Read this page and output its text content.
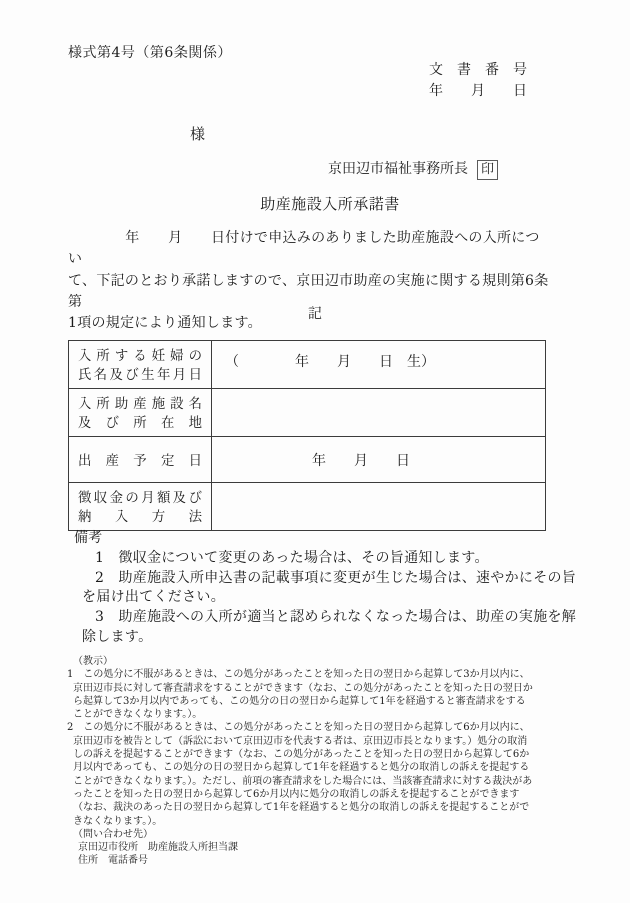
様式第4号（第6条関係）
文　書　番　号
年　　月　　日
様
京田辺市福祉事務所長 印
助産施設入所承諾書
　　　　年　　月　　日付けで申込みのありました助産施設への入所につい
て、下記のとおり承諾しますので、京田辺市助産の実施に関する規則第6条第
1項の規定により通知します。
記
入所する妊婦の
氏名及び生年月日	（　　　　年　　月　　日　生）

入所助産施設名
及び所在地	

出産予定日	年　　月　　日

徴収金の月額及び
納入方法	

備考
1　徴収金について変更のあった場合は、その旨通知します。
2　助産施設入所申込書の記載事項に変更が生じた場合は、速やかにその旨
を届け出てください。
3　助産施設への入所が適当と認められなくなった場合は、助産の実施を解
除します。
（教示）
1　この処分に不服があるときは、この処分があったことを知った日の翌日から起算して3か月以内に、
京田辺市長に対して審査請求をすることができます（なお、この処分があったことを知った日の翌日か
ら起算して3か月以内であっても、この処分の日の翌日から起算して1年を経過すると審査請求をする
ことができなくなります。）。
2　この処分に不服があるときは、この処分があったことを知った日の翌日から起算して6か月以内に、
京田辺市を被告として（訴訟において京田辺市を代表する者は、京田辺市長となります。）処分の取消
しの訴えを提起することができます（なお、この処分があったことを知った日の翌日から起算して6か
月以内であっても、この処分の日の翌日から起算して1年を経過すると処分の取消しの訴えを提起する
ことができなくなります。）。ただし、前項の審査請求をした場合には、当該審査請求に対する裁決があ
ったことを知った日の翌日から起算して6か月以内に処分の取消しの訴えを提起することができます
（なお、裁決のあった日の翌日から起算して1年を経過すると処分の取消しの訴えを提起することがで
きなくなります。）。
（問い合わせ先）
京田辺市役所　助産施設入所担当課
住所　電話番号
